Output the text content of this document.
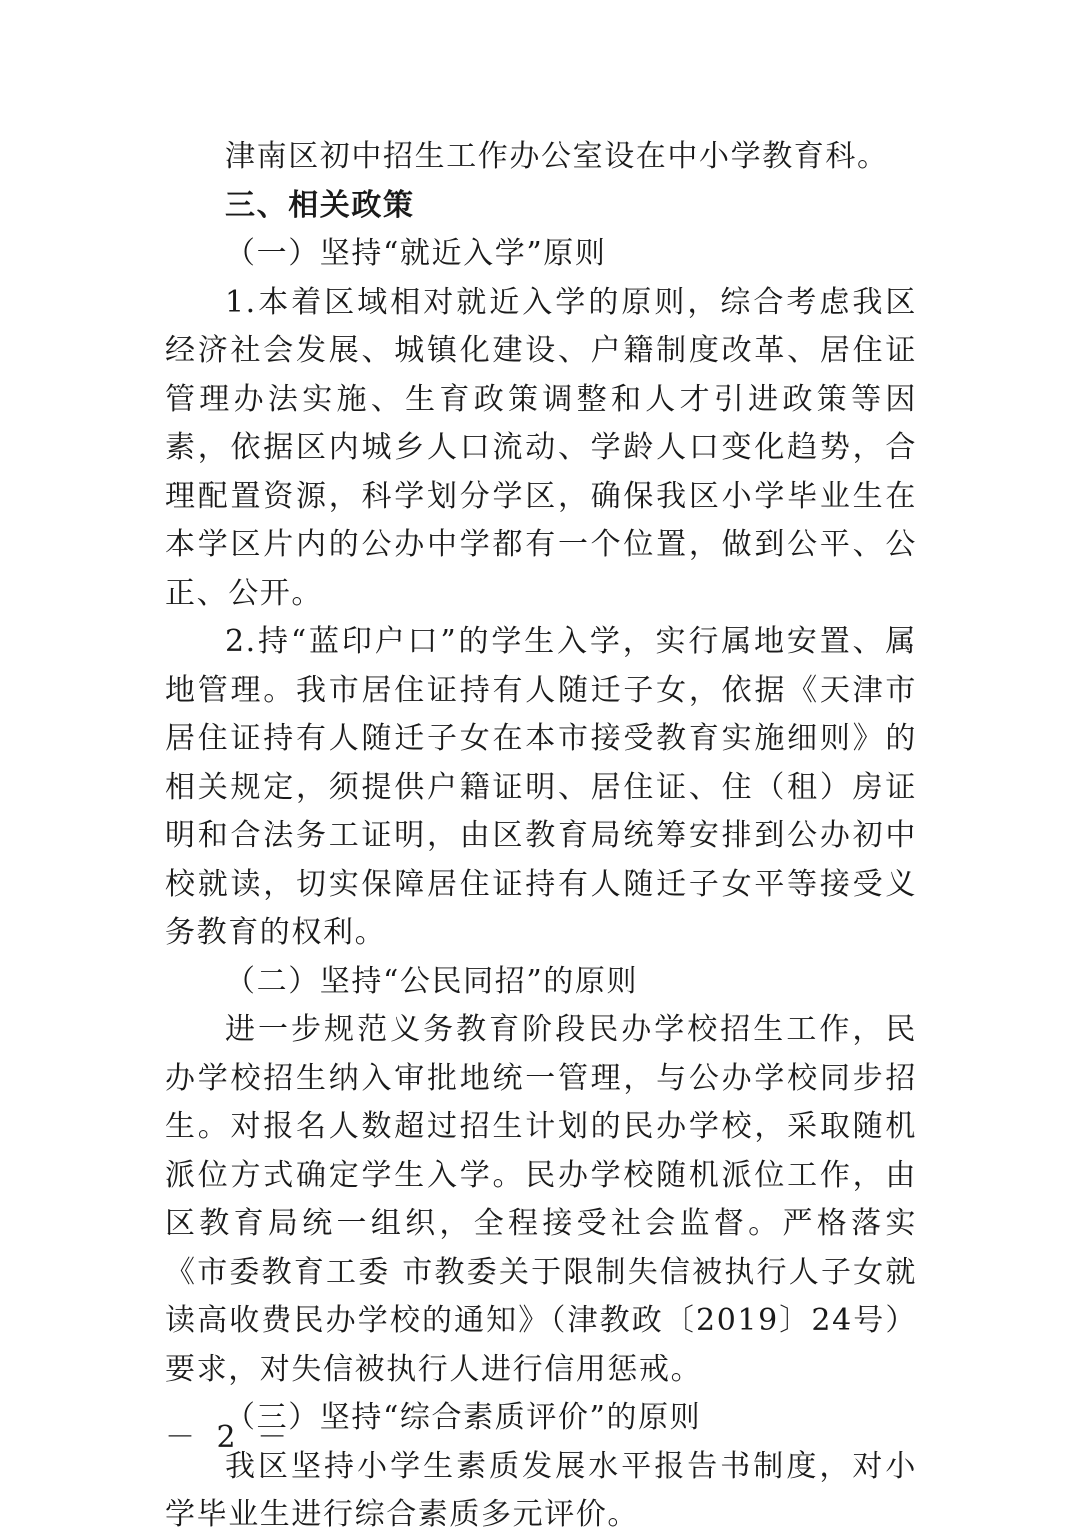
津南区初中招生工作办公室设在中小学教育科。

三、相关政策

（一）坚持“就近入学”原则

1.本着区域相对就近入学的原则，综合考虑我区经济社会发展、城镇化建设、户籍制度改革、居住证管理办法实施、生育政策调整和人才引进政策等因素，依据区内城乡人口流动、学龄人口变化趋势，合理配置资源，科学划分学区，确保我区小学毕业生在本学区片内的公办中学都有一个位置，做到公平、公正、公开。

2.持“蓝印户口”的学生入学，实行属地安置、属地管理。我市居住证持有人随迁子女，依据《天津市居住证持有人随迁子女在本市接受教育实施细则》的相关规定，须提供户籍证明、居住证、住（租）房证明和合法务工证明，由区教育局统筹安排到公办初中校就读，切实保障居住证持有人随迁子女平等接受义务教育的权利。

（二）坚持“公民同招”的原则

进一步规范义务教育阶段民办学校招生工作，民办学校招生纳入审批地统一管理，与公办学校同步招生。对报名人数超过招生计划的民办学校，采取随机派位方式确定学生入学。民办学校随机派位工作，由区教育局统一组织，全程接受社会监督。严格落实《市委教育工委 市教委关于限制失信被执行人子女就读高收费民办学校的通知》（津教政〔2019〕24号）要求，对失信被执行人进行信用惩戒。

（三）坚持“综合素质评价”的原则

我区坚持小学生素质发展水平报告书制度，对小学毕业生进行综合素质多元评价。

－ 2 －
